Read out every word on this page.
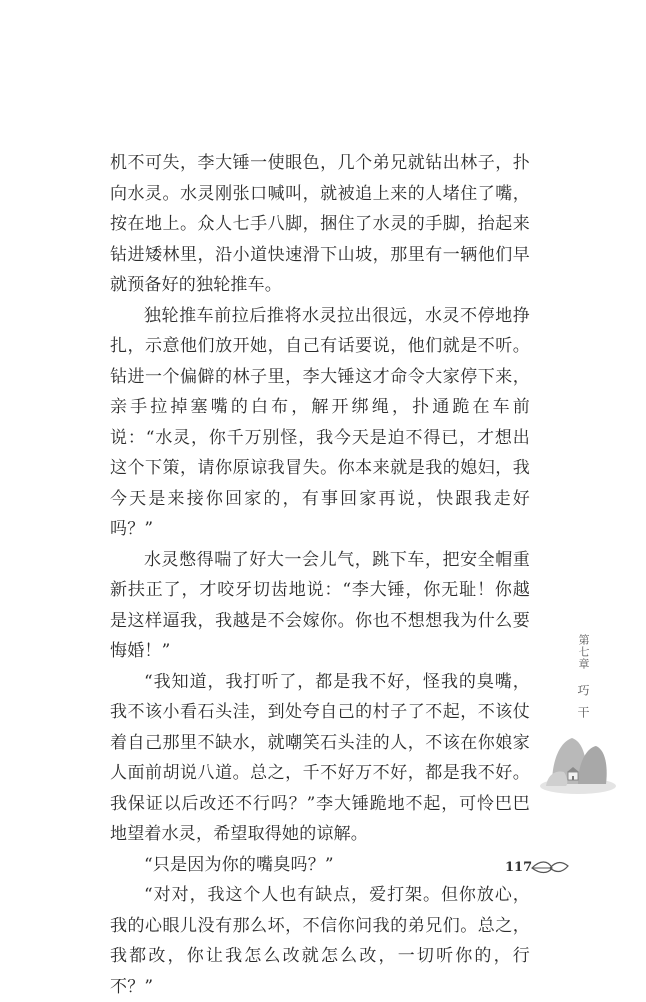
机不可失，李大锤一使眼色，几个弟兄就钻出林子，扑向水灵。水灵刚张口喊叫，就被追上来的人堵住了嘴，按在地上。众人七手八脚，捆住了水灵的手脚，抬起来钻进矮林里，沿小道快速滑下山坡，那里有一辆他们早就预备好的独轮推车。

独轮推车前拉后推将水灵拉出很远，水灵不停地挣扎，示意他们放开她，自己有话要说，他们就是不听。钻进一个偏僻的林子里，李大锤这才命令大家停下来，亲手拉掉塞嘴的白布，解开绑绳，扑通跪在车前说：“水灵，你千万别怪，我今天是迫不得已，才想出这个下策，请你原谅我冒失。你本来就是我的媳妇，我今天是来接你回家的，有事回家再说，快跟我走好吗？”

水灵憋得喘了好大一会儿气，跳下车，把安全帽重新扶正了，才咬牙切齿地说：“李大锤，你无耻！你越是这样逼我，我越是不会嫁你。你也不想想我为什么要悔婚！”

“我知道，我打听了，都是我不好，怪我的臭嘴，我不该小看石头洼，到处夸自己的村子了不起，不该仗着自己那里不缺水，就嘲笑石头洼的人，不该在你娘家人面前胡说八道。总之，千不好万不好，都是我不好。我保证以后改还不行吗？”李大锤跪地不起，可怜巴巴地望着水灵，希望取得她的谅解。

“只是因为你的嘴臭吗？”

“对对，我这个人也有缺点，爱打架。但你放心，我的心眼儿没有那么坏，不信你问我的弟兄们。总之，我都改，你让我怎么改就怎么改，一切听你的，行不？”

第七章
巧干
117
